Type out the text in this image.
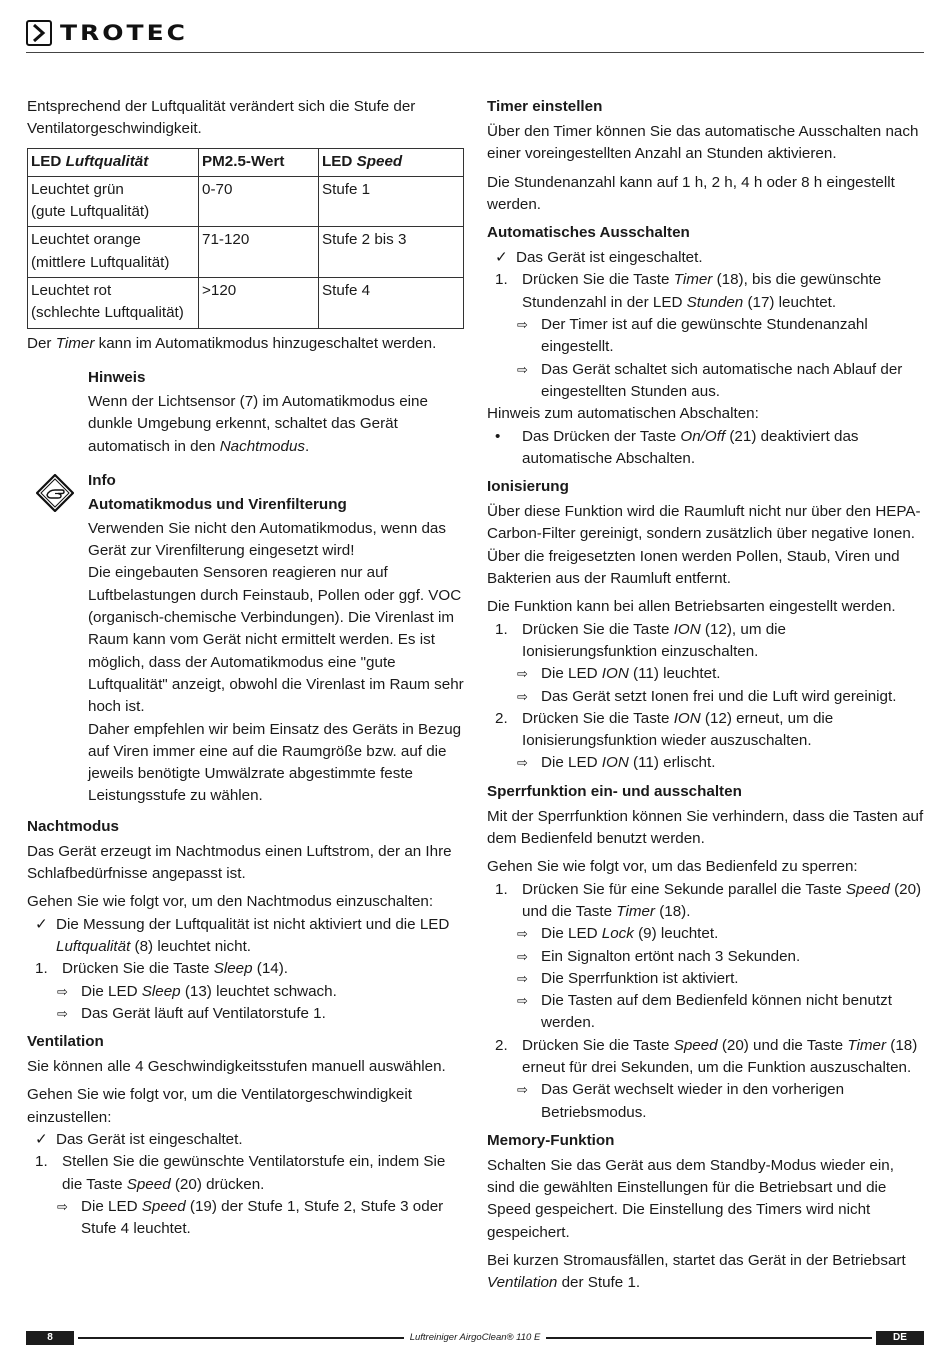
TROTEC

Entsprechend der Luftqualität verändert sich die Stufe der Ventilatorgeschwindigkeit.

LED Luftqualität	PM2.5-Wert	LED Speed
Leuchtet grün
(gute Luftqualität)	0-70	Stufe 1
Leuchtet orange
(mittlere Luftqualität)	71-120	Stufe 2 bis 3
Leuchtet rot
(schlechte Luftqualität)	>120	Stufe 4

Der Timer kann im Automatikmodus hinzugeschaltet werden.

Hinweis

Wenn der Lichtsensor (7) im Automatikmodus eine dunkle Umgebung erkennt, schaltet das Gerät automatisch in den Nachtmodus.

Info
Automatikmodus und Virenfilterung

Verwenden Sie nicht den Automatikmodus, wenn das Gerät zur Virenfilterung eingesetzt wird!

Die eingebauten Sensoren reagieren nur auf Luftbelastungen durch Feinstaub, Pollen oder ggf. VOC (organisch-chemische Verbindungen). Die Virenlast im Raum kann vom Gerät nicht ermittelt werden. Es ist möglich, dass der Automatikmodus eine "gute Luftqualität" anzeigt, obwohl die Virenlast im Raum sehr hoch ist.

Daher empfehlen wir beim Einsatz des Geräts in Bezug auf Viren immer eine auf die Raumgröße bzw. auf die jeweils benötigte Umwälzrate abgestimmte feste Leistungsstufe zu wählen.

Nachtmodus

Das Gerät erzeugt im Nachtmodus einen Luftstrom, der an Ihre Schlafbedürfnisse angepasst ist.

Gehen Sie wie folgt vor, um den Nachtmodus einzuschalten:

✓ Die Messung der Luftqualität ist nicht aktiviert und die LED Luftqualität (8) leuchtet nicht.
1. Drücken Sie die Taste Sleep (14).
⇨ Die LED Sleep (13) leuchtet schwach.
⇨ Das Gerät läuft auf Ventilatorstufe 1.
Ventilation

Sie können alle 4 Geschwindigkeitsstufen manuell auswählen.

Gehen Sie wie folgt vor, um die Ventilatorgeschwindigkeit einzustellen:

✓ Das Gerät ist eingeschaltet.
1. Stellen Sie die gewünschte Ventilatorstufe ein, indem Sie die Taste Speed (20) drücken.
⇨ Die LED Speed (19) der Stufe 1, Stufe 2, Stufe 3 oder Stufe 4 leuchtet.
Timer einstellen

Über den Timer können Sie das automatische Ausschalten nach einer voreingestellten Anzahl an Stunden aktivieren.

Die Stundenanzahl kann auf 1 h, 2 h, 4 h oder 8 h eingestellt werden.

Automatisches Ausschalten
✓ Das Gerät ist eingeschaltet.
1. Drücken Sie die Taste Timer (18), bis die gewünschte Stundenzahl in der LED Stunden (17) leuchtet.
⇨ Der Timer ist auf die gewünschte Stundenanzahl eingestellt.
⇨ Das Gerät schaltet sich automatische nach Ablauf der eingestellten Stunden aus.

Hinweis zum automatischen Abschalten:

• Das Drücken der Taste On/Off (21) deaktiviert das automatische Abschalten.
Ionisierung

Über diese Funktion wird die Raumluft nicht nur über den HEPA-Carbon-Filter gereinigt, sondern zusätzlich über negative Ionen. Über die freigesetzten Ionen werden Pollen, Staub, Viren und Bakterien aus der Raumluft entfernt.

Die Funktion kann bei allen Betriebsarten eingestellt werden.

1. Drücken Sie die Taste ION (12), um die Ionisierungsfunktion einzuschalten.
⇨ Die LED ION (11) leuchtet.
⇨ Das Gerät setzt Ionen frei und die Luft wird gereinigt.
2. Drücken Sie die Taste ION (12) erneut, um die Ionisierungsfunktion wieder auszuschalten.
⇨ Die LED ION (11) erlischt.
Sperrfunktion ein- und ausschalten

Mit der Sperrfunktion können Sie verhindern, dass die Tasten auf dem Bedienfeld benutzt werden.

Gehen Sie wie folgt vor, um das Bedienfeld zu sperren:

1. Drücken Sie für eine Sekunde parallel die Taste Speed (20) und die Taste Timer (18).
⇨ Die LED Lock (9) leuchtet.
⇨ Ein Signalton ertönt nach 3 Sekunden.
⇨ Die Sperrfunktion ist aktiviert.
⇨ Die Tasten auf dem Bedienfeld können nicht benutzt werden.
2. Drücken Sie die Taste Speed (20) und die Taste Timer (18) erneut für drei Sekunden, um die Funktion auszuschalten.
⇨ Das Gerät wechselt wieder in den vorherigen Betriebsmodus.
Memory-Funktion

Schalten Sie das Gerät aus dem Standby-Modus wieder ein, sind die gewählten Einstellungen für die Betriebsart und die Speed gespeichert. Die Einstellung des Timers wird nicht gespeichert.

Bei kurzen Stromausfällen, startet das Gerät in der Betriebsart Ventilation der Stufe 1.

Luftreiniger AirgoClean® 110 E
8	DE
